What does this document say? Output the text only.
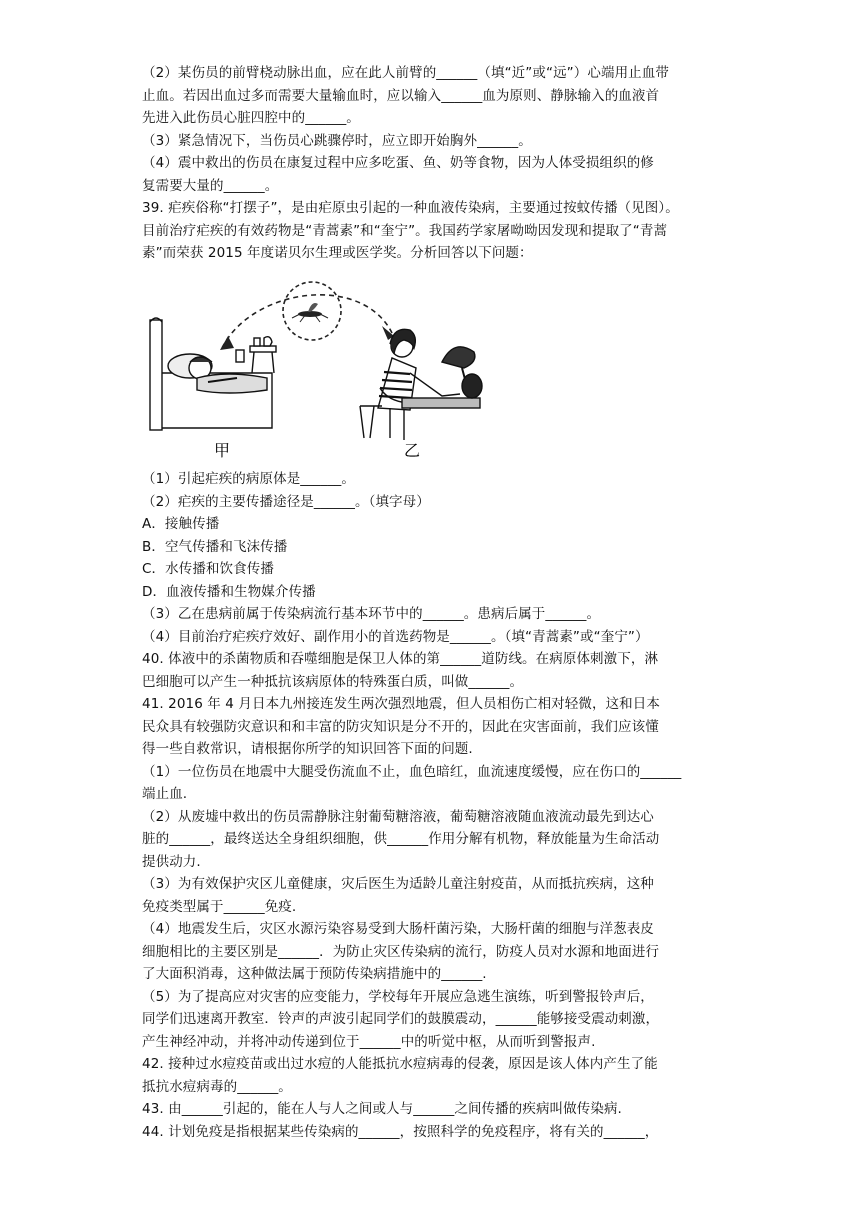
（2）某伤员的前臂桡动脉出血，应在此人前臂的______（填“近”或“远”）心端用止血带
止血。若因出血过多而需要大量输血时，应以输入______血为原则、静脉输入的血液首
先进入此伤员心脏四腔中的______。
（3）紧急情况下，当伤员心跳骤停时，应立即开始胸外______。
（4）震中救出的伤员在康复过程中应多吃蛋、鱼、奶等食物，因为人体受损组织的修
复需要大量的______。
39. 疟疾俗称“打摆子”，是由疟原虫引起的一种血液传染病，主要通过按蚊传播（见图）。
目前治疗疟疾的有效药物是“青蒿素”和“奎宁”。我国药学家屠呦呦因发现和提取了“青蒿
素”而荣获 2015 年度诺贝尔生理或医学奖。分析回答以下问题：
甲	乙
（1）引起疟疾的病原体是______。
（2）疟疾的主要传播途径是______。（填字母）
A．接触传播
B．空气传播和飞沫传播
C．水传播和饮食传播
D．血液传播和生物媒介传播
（3）乙在患病前属于传染病流行基本环节中的______。患病后属于______。
（4）目前治疗疟疾疗效好、副作用小的首选药物是______。（填“青蒿素”或“奎宁”）
40. 体液中的杀菌物质和吞噬细胞是保卫人体的第______道防线。在病原体刺激下，淋
巴细胞可以产生一种抵抗该病原体的特殊蛋白质，叫做______。
41. 2016 年 4 月日本九州接连发生两次强烈地震，但人员相伤亡相对轻微，这和日本
民众具有较强防灾意识和和丰富的防灾知识是分不开的，因此在灾害面前，我们应该懂
得一些自救常识，请根据你所学的知识回答下面的问题.
（1）一位伤员在地震中大腿受伤流血不止，血色暗红，血流速度缓慢，应在伤口的______
端止血.
（2）从废墟中救出的伤员需静脉注射葡萄糖溶液，葡萄糖溶液随血液流动最先到达心
脏的______，最终送达全身组织细胞，供______作用分解有机物，释放能量为生命活动
提供动力.
（3）为有效保护灾区儿童健康，灾后医生为适龄儿童注射疫苗，从而抵抗疾病，这种
免疫类型属于______免疫.
（4）地震发生后，灾区水源污染容易受到大肠杆菌污染，大肠杆菌的细胞与洋葱表皮
细胞相比的主要区别是______．为防止灾区传染病的流行，防疫人员对水源和地面进行
了大面积消毒，这种做法属于预防传染病措施中的______.
（5）为了提高应对灾害的应变能力，学校每年开展应急逃生演练，听到警报铃声后，
同学们迅速离开教室．铃声的声波引起同学们的鼓膜震动，______能够接受震动刺激，
产生神经冲动，并将冲动传递到位于______中的听觉中枢，从而听到警报声.
42. 接种过水痘疫苗或出过水痘的人能抵抗水痘病毒的侵袭，原因是该人体内产生了能
抵抗水痘病毒的______。
43. 由______引起的，能在人与人之间或人与______之间传播的疾病叫做传染病.
44. 计划免疫是指根据某些传染病的______，按照科学的免疫程序，将有关的______，
